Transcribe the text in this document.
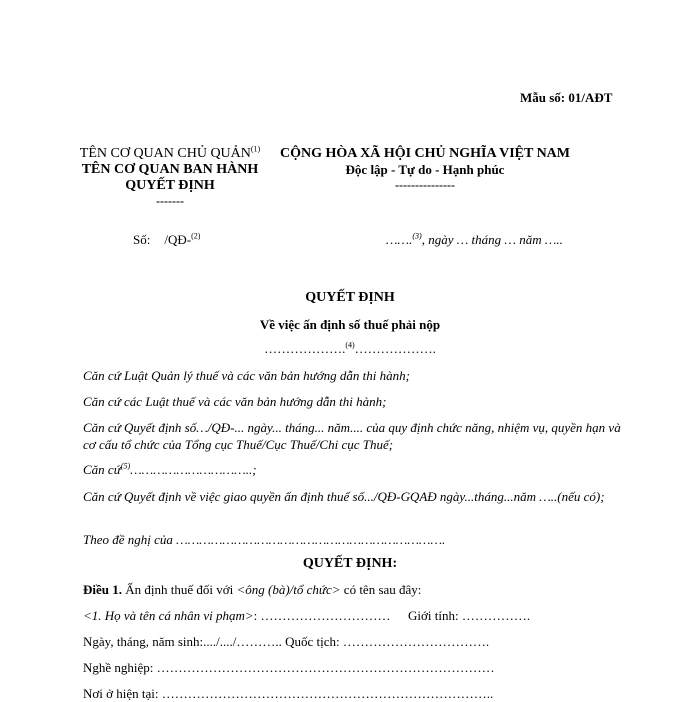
Mẫu số: 01/AĐT
TÊN CƠ QUAN CHỦ QUẢN$^{(1)}$
TÊN CƠ QUAN BAN HÀNH
QUYẾT ĐỊNH
-------
CỘNG HÒA XÃ HỘI CHỦ NGHĨA VIỆT NAM
Độc lập - Tự do - Hạnh phúc
---------------
Số: /QĐ-$^{(2)}$	…….$^{(3)}$, ngày … tháng … năm …..
QUYẾT ĐỊNH
Về việc ấn định số thuế phải nộp
……………….$^{(4)}$……………….
Căn cứ Luật Quản lý thuế và các văn bản hướng dẫn thi hành;
Căn cứ các Luật thuế và các văn bản hướng dẫn thi hành;
Căn cứ Quyết định số…/QĐ-... ngày... tháng... năm.... của quy định chức năng, nhiệm vụ, quyền hạn và cơ cấu tổ chức của Tổng cục Thuế/Cục Thuế/Chi cục Thuế;
Căn cứ$^{(5)}$…………………………..;
Căn cứ Quyết định về việc giao quyền ấn định thuế số.../QĐ-GQAĐ ngày...tháng...năm …..(nếu có);
Theo đề nghị của …………………………………………………………….
QUYẾT ĐỊNH:
Điều 1. Ấn định thuế đối với <ông (bà)/tổ chức> có tên sau đây:
<1. Họ và tên cá nhân vi phạm>: ………………………… Giới tính: …………….
Ngày, tháng, năm sinh:..../..../……….. Quốc tịch: …………………………….
Nghề nghiệp: ……………………………………………………………………
Nơi ở hiện tại: …………………………………………………………………..
